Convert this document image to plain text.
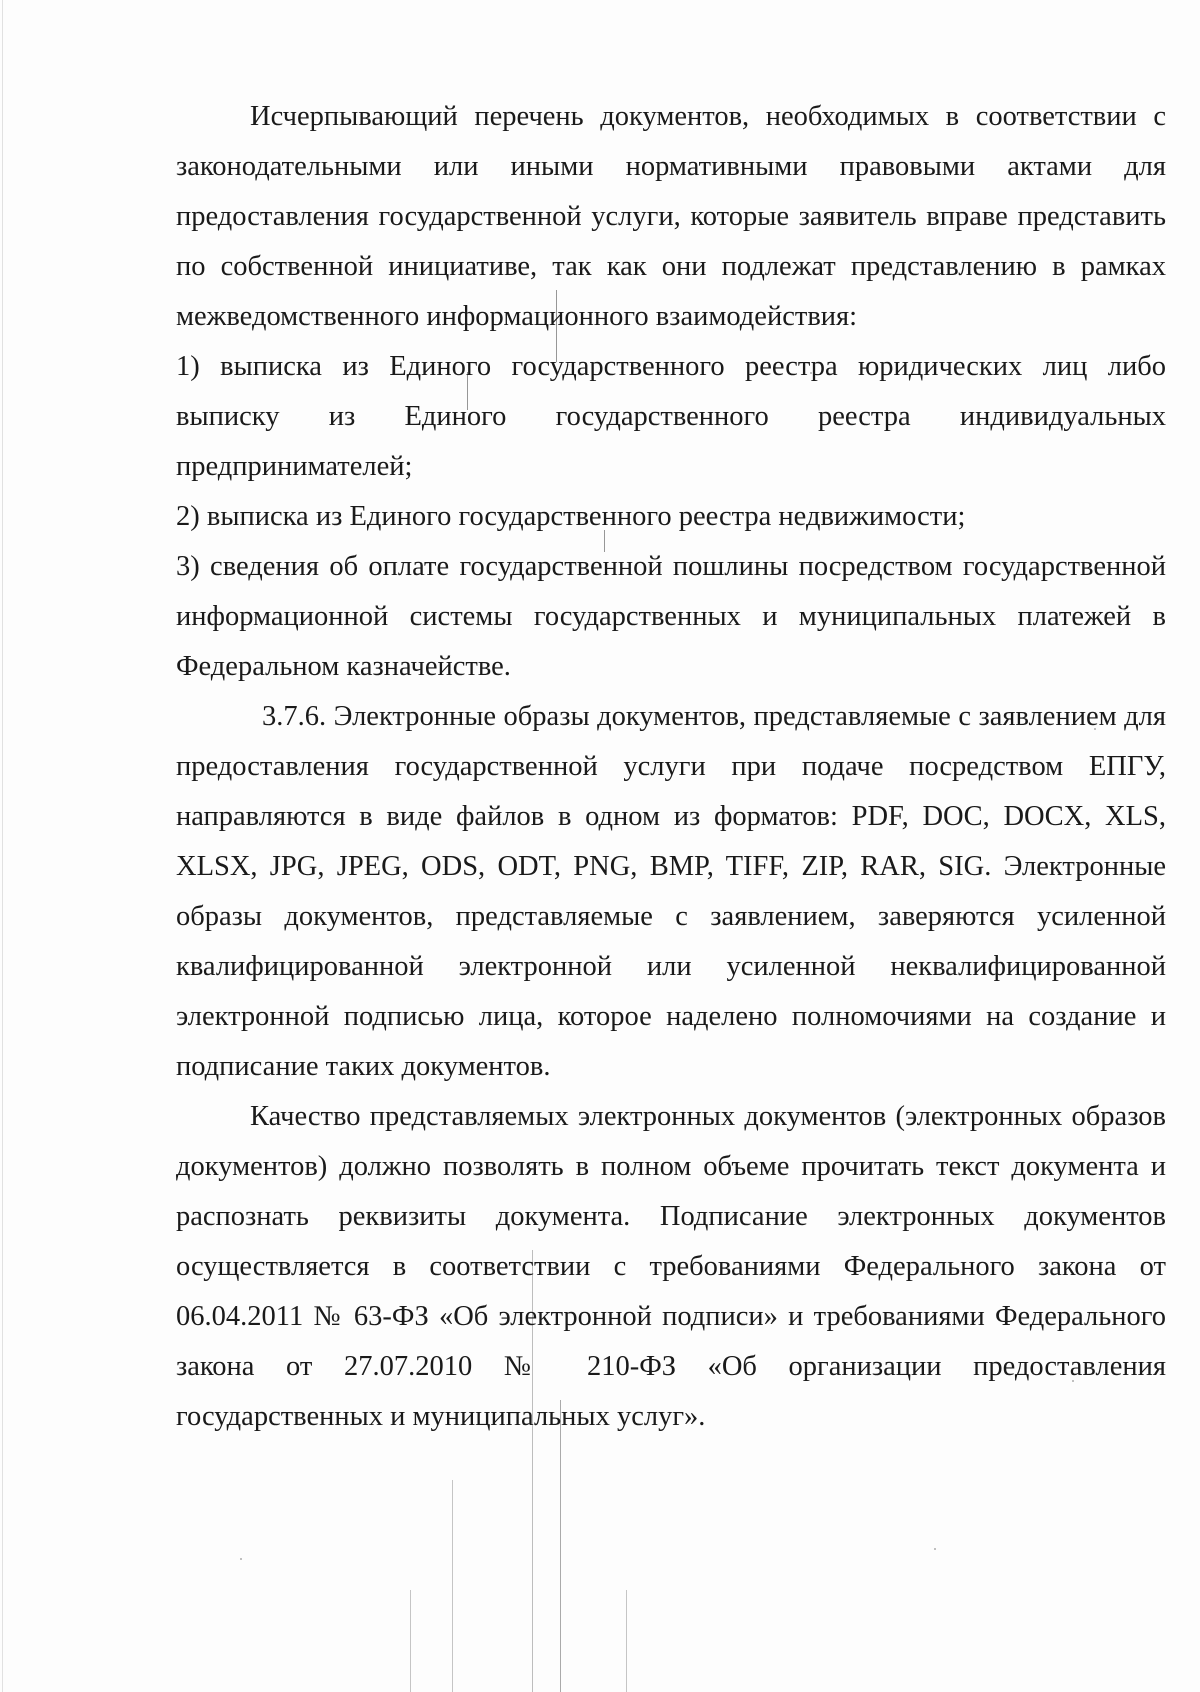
Исчерпывающий перечень документов, необходимых в соответствии с законодательными или иными нормативными правовыми актами для предоставления государственной услуги, которые заявитель вправе представить по собственной инициативе, так как они подлежат представлению в рамках межведомственного информационного взаимодействия:

1) выписка из Единого государственного реестра юридических лиц либо выписку из Единого государственного реестра индивидуальных предпринимателей;

2) выписка из Единого государственного реестра недвижимости;

3) сведения об оплате государственной пошлины посредством государственной информационной системы государственных и муниципальных платежей в Федеральном казначействе.

3.7.6. Электронные образы документов, представляемые с заявлением для предоставления государственной услуги при подаче посредством ЕПГУ, направляются в виде файлов в одном из форматов: PDF, DOC, DOCX, XLS, XLSX, JPG, JPEG, ODS, ODT, PNG, BMP, TIFF, ZIP, RAR, SIG. Электронные образы документов, представляемые с заявлением, заверяются усиленной квалифицированной электронной или усиленной неквалифицированной электронной подписью лица, которое наделено полномочиями на создание и подписание таких документов.

Качество представляемых электронных документов (электронных образов документов) должно позволять в полном объеме прочитать текст документа и распознать реквизиты документа. Подписание электронных документов осуществляется в соответствии с требованиями Федерального закона от 06.04.2011 № 63-ФЗ «Об электронной подписи» и требованиями Федерального закона от 27.07.2010 № 210-ФЗ «Об организации предоставления государственных и муниципальных услуг».
